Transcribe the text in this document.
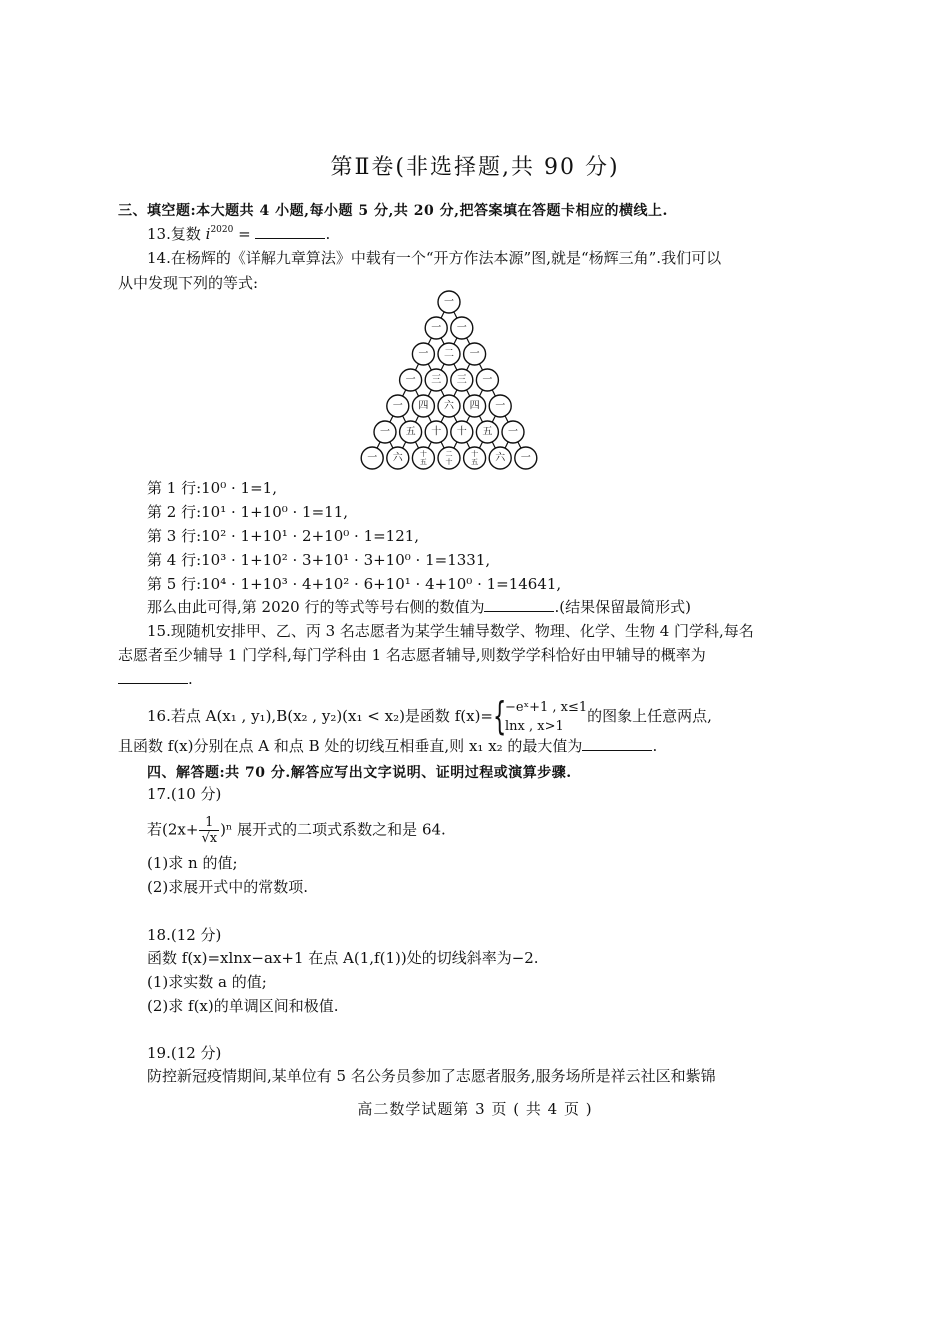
第Ⅱ卷(非选择题,共 90 分)
三、填空题:本大题共 4 小题,每小题 5 分,共 20 分,把答案填在答题卡相应的横线上.
13.复数 $i^{2020}$ =	.
14.在杨辉的《详解九章算法》中载有一个“开方作法本源”图,就是“杨辉三角”.我们可以
从中发现下列的等式:
一
一 一
一 二 一
一 三 三 一
一 四 六 四 一
一 五 十 十 五 一
一 六 十五
二十
十五 六 一
第 1 行:10⁰ · 1=1,
第 2 行:10¹ · 1+10⁰ · 1=11,
第 3 行:10² · 1+10¹ · 2+10⁰ · 1=121,
第 4 行:10³ · 1+10² · 3+10¹ · 3+10⁰ · 1=1331,
第 5 行:10⁴ · 1+10³ · 4+10² · 6+10¹ · 4+10⁰ · 1=14641,
那么由此可得,第 2020 行的等式等号右侧的数值为	.(结果保留最简形式)
15.现随机安排甲、乙、丙 3 名志愿者为某学生辅导数学、物理、化学、生物 4 门学科,每名
志愿者至少辅导 1 门学科,每门学科由 1 名志愿者辅导,则数学学科恰好由甲辅导的概率为
.
16.若点 A(x₁ , y₁),B(x₂ , y₂)(x₁ < x₂)是函数 f(x)= {
−eˣ+1 , x≤1
lnx , x>1
的图象上任意两点,
且函数 f(x)分别在点 A 和点 B 处的切线互相垂直,则 x₁ x₂ 的最大值为	.
四、解答题:共 70 分.解答应写出文字说明、证明过程或演算步骤.
17.(10 分)
若$(2x+ \frac{1}{√x} )^n$ 展开式的二项式系数之和是 64.
(1)求 n 的值;
(2)求展开式中的常数项.
18.(12 分)
函数 f(x)=xlnx−ax+1 在点 A(1,f(1))处的切线斜率为−2.
(1)求实数 a 的值;
(2)求 f(x)的单调区间和极值.
19.(12 分)
防控新冠疫情期间,某单位有 5 名公务员参加了志愿者服务,服务场所是祥云社区和紫锦
高二数学试题第 3 页 ( 共 4 页 )
